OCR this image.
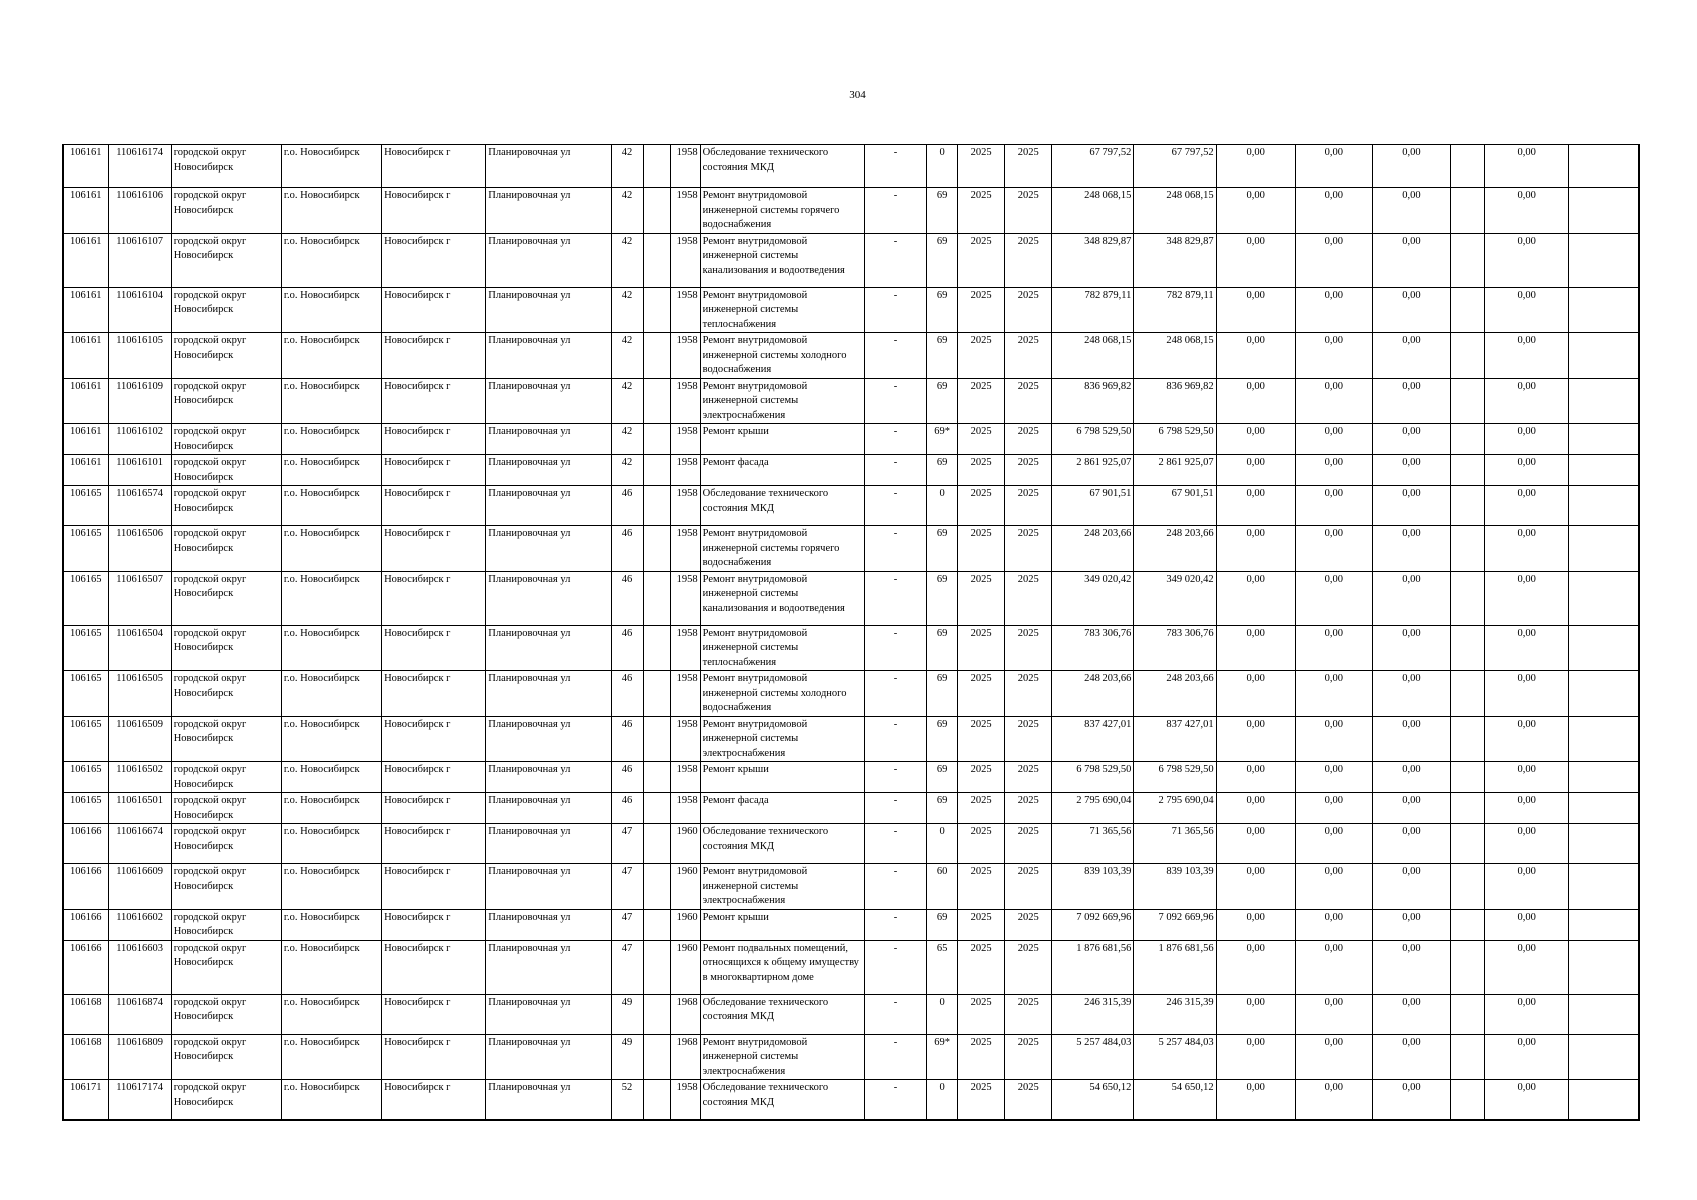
304
106161	110616174	городской округ Новосибирск	г.о. Новосибирск	Новосибирск г	Планировочная ул	42		1958	Обследование технического состояния МКД	-	0	2025	2025	67 797,52	67 797,52	0,00	0,00	0,00		0,00	
106161	110616106	городской округ Новосибирск	г.о. Новосибирск	Новосибирск г	Планировочная ул	42		1958	Ремонт внутридомовой инженерной системы горячего водоснабжения	-	69	2025	2025	248 068,15	248 068,15	0,00	0,00	0,00		0,00	
106161	110616107	городской округ Новосибирск	г.о. Новосибирск	Новосибирск г	Планировочная ул	42		1958	Ремонт внутридомовой инженерной системы канализования и водоотведения	-	69	2025	2025	348 829,87	348 829,87	0,00	0,00	0,00		0,00	
106161	110616104	городской округ Новосибирск	г.о. Новосибирск	Новосибирск г	Планировочная ул	42		1958	Ремонт внутридомовой инженерной системы теплоснабжения	-	69	2025	2025	782 879,11	782 879,11	0,00	0,00	0,00		0,00	
106161	110616105	городской округ Новосибирск	г.о. Новосибирск	Новосибирск г	Планировочная ул	42		1958	Ремонт внутридомовой инженерной системы холодного водоснабжения	-	69	2025	2025	248 068,15	248 068,15	0,00	0,00	0,00		0,00	
106161	110616109	городской округ Новосибирск	г.о. Новосибирск	Новосибирск г	Планировочная ул	42		1958	Ремонт внутридомовой инженерной системы электроснабжения	-	69	2025	2025	836 969,82	836 969,82	0,00	0,00	0,00		0,00	
106161	110616102	городской округ Новосибирск	г.о. Новосибирск	Новосибирск г	Планировочная ул	42		1958	Ремонт крыши	-	69*	2025	2025	6 798 529,50	6 798 529,50	0,00	0,00	0,00		0,00	
106161	110616101	городской округ Новосибирск	г.о. Новосибирск	Новосибирск г	Планировочная ул	42		1958	Ремонт фасада	-	69	2025	2025	2 861 925,07	2 861 925,07	0,00	0,00	0,00		0,00	
106165	110616574	городской округ Новосибирск	г.о. Новосибирск	Новосибирск г	Планировочная ул	46		1958	Обследование технического состояния МКД	-	0	2025	2025	67 901,51	67 901,51	0,00	0,00	0,00		0,00	
106165	110616506	городской округ Новосибирск	г.о. Новосибирск	Новосибирск г	Планировочная ул	46		1958	Ремонт внутридомовой инженерной системы горячего водоснабжения	-	69	2025	2025	248 203,66	248 203,66	0,00	0,00	0,00		0,00	
106165	110616507	городской округ Новосибирск	г.о. Новосибирск	Новосибирск г	Планировочная ул	46		1958	Ремонт внутридомовой инженерной системы канализования и водоотведения	-	69	2025	2025	349 020,42	349 020,42	0,00	0,00	0,00		0,00	
106165	110616504	городской округ Новосибирск	г.о. Новосибирск	Новосибирск г	Планировочная ул	46		1958	Ремонт внутридомовой инженерной системы теплоснабжения	-	69	2025	2025	783 306,76	783 306,76	0,00	0,00	0,00		0,00	
106165	110616505	городской округ Новосибирск	г.о. Новосибирск	Новосибирск г	Планировочная ул	46		1958	Ремонт внутридомовой инженерной системы холодного водоснабжения	-	69	2025	2025	248 203,66	248 203,66	0,00	0,00	0,00		0,00	
106165	110616509	городской округ Новосибирск	г.о. Новосибирск	Новосибирск г	Планировочная ул	46		1958	Ремонт внутридомовой инженерной системы электроснабжения	-	69	2025	2025	837 427,01	837 427,01	0,00	0,00	0,00		0,00	
106165	110616502	городской округ Новосибирск	г.о. Новосибирск	Новосибирск г	Планировочная ул	46		1958	Ремонт крыши	-	69	2025	2025	6 798 529,50	6 798 529,50	0,00	0,00	0,00		0,00	
106165	110616501	городской округ Новосибирск	г.о. Новосибирск	Новосибирск г	Планировочная ул	46		1958	Ремонт фасада	-	69	2025	2025	2 795 690,04	2 795 690,04	0,00	0,00	0,00		0,00	
106166	110616674	городской округ Новосибирск	г.о. Новосибирск	Новосибирск г	Планировочная ул	47		1960	Обследование технического состояния МКД	-	0	2025	2025	71 365,56	71 365,56	0,00	0,00	0,00		0,00	
106166	110616609	городской округ Новосибирск	г.о. Новосибирск	Новосибирск г	Планировочная ул	47		1960	Ремонт внутридомовой инженерной системы электроснабжения	-	60	2025	2025	839 103,39	839 103,39	0,00	0,00	0,00		0,00	
106166	110616602	городской округ Новосибирск	г.о. Новосибирск	Новосибирск г	Планировочная ул	47		1960	Ремонт крыши	-	69	2025	2025	7 092 669,96	7 092 669,96	0,00	0,00	0,00		0,00	
106166	110616603	городской округ Новосибирск	г.о. Новосибирск	Новосибирск г	Планировочная ул	47		1960	Ремонт подвальных помещений, относящихся к общему имуществу в многоквартирном доме	-	65	2025	2025	1 876 681,56	1 876 681,56	0,00	0,00	0,00		0,00	
106168	110616874	городской округ Новосибирск	г.о. Новосибирск	Новосибирск г	Планировочная ул	49		1968	Обследование технического состояния МКД	-	0	2025	2025	246 315,39	246 315,39	0,00	0,00	0,00		0,00	
106168	110616809	городской округ Новосибирск	г.о. Новосибирск	Новосибирск г	Планировочная ул	49		1968	Ремонт внутридомовой инженерной системы электроснабжения	-	69*	2025	2025	5 257 484,03	5 257 484,03	0,00	0,00	0,00		0,00	
106171	110617174	городской округ Новосибирск	г.о. Новосибирск	Новосибирск г	Планировочная ул	52		1958	Обследование технического состояния МКД	-	0	2025	2025	54 650,12	54 650,12	0,00	0,00	0,00		0,00	
